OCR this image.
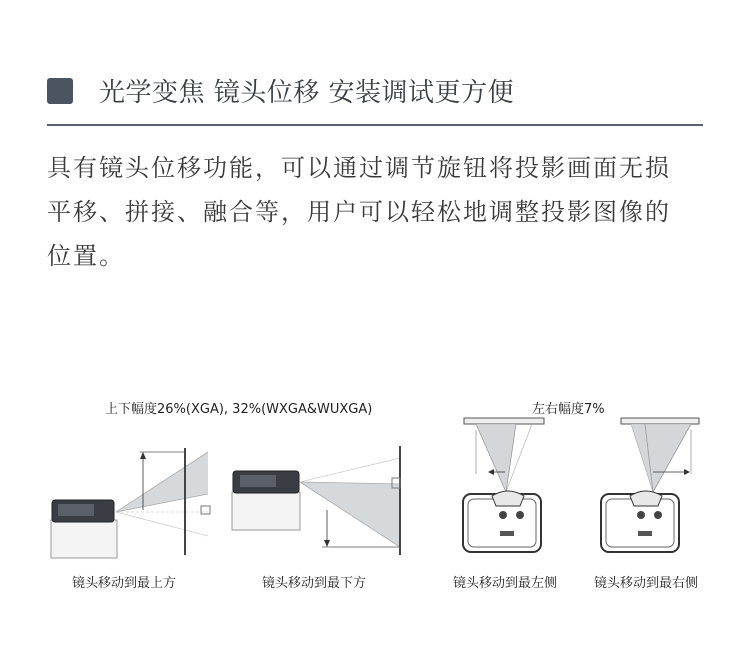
光学变焦 镜头位移 安装调试更方便
具有镜头位移功能，可以通过调节旋钮将投影画面无损
平移、拼接、融合等，用户可以轻松地调整投影图像的
位置。
上下幅度26%(XGA), 32%(WXGA&WUXGA)	左右幅度7%
镜头移动到最上方	镜头移动到最下方	镜头移动到最左侧	镜头移动到最右侧
